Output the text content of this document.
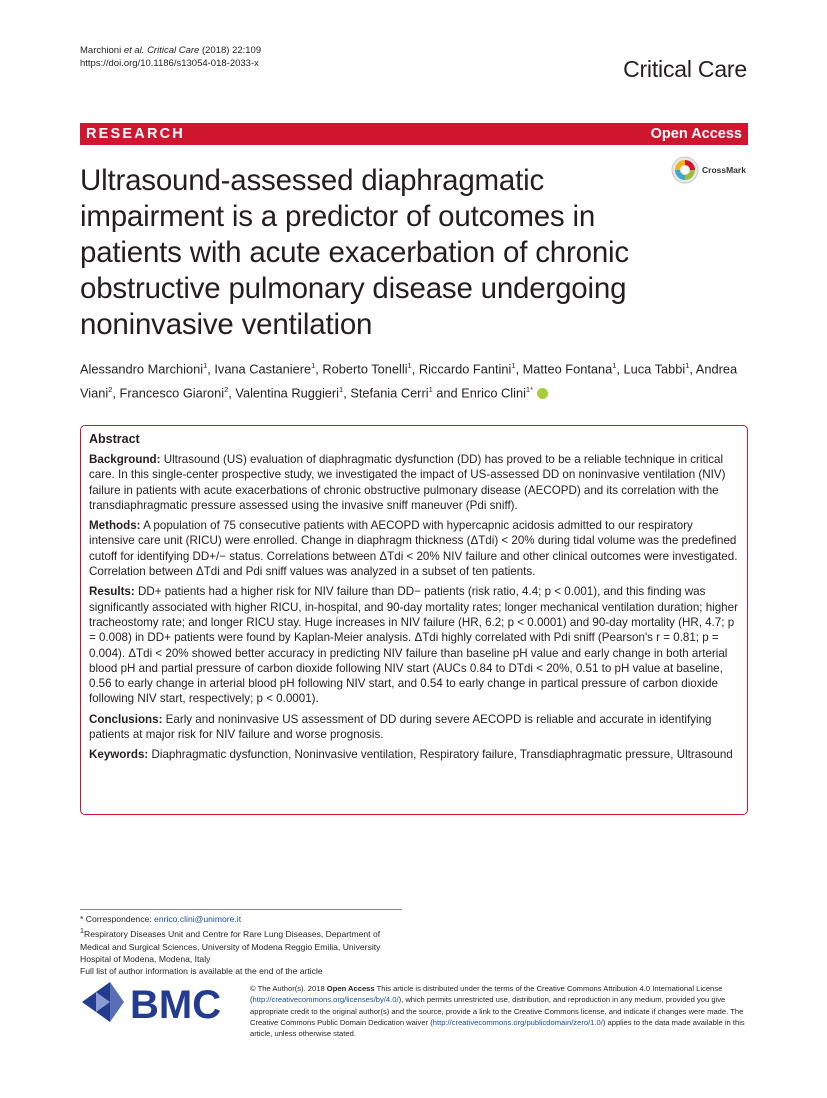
Marchioni et al. Critical Care (2018) 22:109
https://doi.org/10.1186/s13054-018-2033-x	Critical Care
RESEARCH	Open Access
Ultrasound-assessed diaphragmatic impairment is a predictor of outcomes in patients with acute exacerbation of chronic obstructive pulmonary disease undergoing noninvasive ventilation
CrossMark
Alessandro Marchioni$^1$, Ivana Castaniere$^1$, Roberto Tonelli$^1$, Riccardo Fantini$^1$, Matteo Fontana$^1$, Luca Tabbi$^1$, Andrea Viani$^2$, Francesco Giaroni$^2$, Valentina Ruggieri$^1$, Stefania Cerri$^1$ and Enrico Clini$^{1*}$
Abstract

Background: Ultrasound (US) evaluation of diaphragmatic dysfunction (DD) has proved to be a reliable technique in critical care. In this single-center prospective study, we investigated the impact of US-assessed DD on noninvasive ventilation (NIV) failure in patients with acute exacerbations of chronic obstructive pulmonary disease (AECOPD) and its correlation with the transdiaphragmatic pressure assessed using the invasive sniff maneuver (Pdi sniff).

Methods: A population of 75 consecutive patients with AECOPD with hypercapnic acidosis admitted to our respiratory intensive care unit (RICU) were enrolled. Change in diaphragm thickness (ΔTdi) < 20% during tidal volume was the predefined cutoff for identifying DD+/− status. Correlations between ΔTdi < 20% NIV failure and other clinical outcomes were investigated. Correlation between ΔTdi and Pdi sniff values was analyzed in a subset of ten patients.

Results: DD+ patients had a higher risk for NIV failure than DD− patients (risk ratio, 4.4; p < 0.001), and this finding was significantly associated with higher RICU, in-hospital, and 90-day mortality rates; longer mechanical ventilation duration; higher tracheostomy rate; and longer RICU stay. Huge increases in NIV failure (HR, 6.2; p < 0.0001) and 90-day mortality (HR, 4.7; p = 0.008) in DD+ patients were found by Kaplan-Meier analysis. ΔTdi highly correlated with Pdi sniff (Pearson's r = 0.81; p = 0.004). ΔTdi < 20% showed better accuracy in predicting NIV failure than baseline pH value and early change in both arterial blood pH and partial pressure of carbon dioxide following NIV start (AUCs 0.84 to DTdi < 20%, 0.51 to pH value at baseline, 0.56 to early change in arterial blood pH following NIV start, and 0.54 to early change in partical pressure of carbon dioxide following NIV start, respectively; p < 0.0001).

Conclusions: Early and noninvasive US assessment of DD during severe AECOPD is reliable and accurate in identifying patients at major risk for NIV failure and worse prognosis.

Keywords: Diaphragmatic dysfunction, Noninvasive ventilation, Respiratory failure, Transdiaphragmatic pressure, Ultrasound

* Correspondence: enrico.clini@unimore.it
$^1$Respiratory Diseases Unit and Centre for Rare Lung Diseases, Department of Medical and Surgical Sciences, University of Modena Reggio Emilia, University Hospital of Modena, Modena, Italy
Full list of author information is available at the end of the article
BMC	© The Author(s). 2018 Open Access This article is distributed under the terms of the Creative Commons Attribution 4.0 International License (http://creativecommons.org/licenses/by/4.0/), which permits unrestricted use, distribution, and reproduction in any medium, provided you give appropriate credit to the original author(s) and the source, provide a link to the Creative Commons license, and indicate if changes were made. The Creative Commons Public Domain Dedication waiver (http://creativecommons.org/publicdomain/zero/1.0/) applies to the data made available in this article, unless otherwise stated.
